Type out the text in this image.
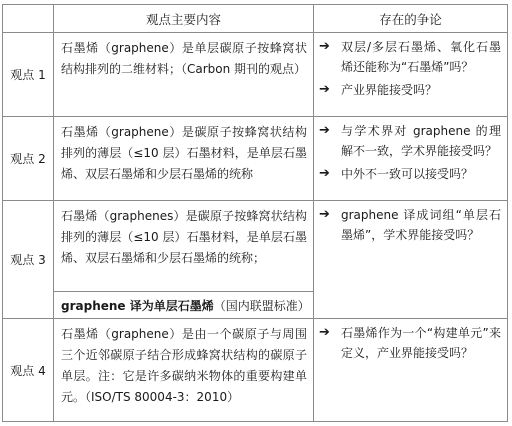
观点主要内容	存在的争论
观点 1
石墨烯（graphene）是单层碳原子按蜂窝状结构排列的二维材料；（Carbon 期刊的观点）
➔ 双层/多层石墨烯、氧化石墨烯还能称为“石墨烯”吗？
➔ 产业界能接受吗？
观点 2
石墨烯（graphene）是碳原子按蜂窝状结构排列的薄层（≤10 层）石墨材料，是单层石墨烯、双层石墨烯和少层石墨烯的统称
➔ 与学术界对 graphene 的理解不一致，学术界能接受吗？
➔ 中外不一致可以接受吗？
观点 3
石墨烯（graphenes）是碳原子按蜂窝状结构排列的薄层（≤10 层）石墨材料，是单层石墨烯、双层石墨烯和少层石墨烯的统称；
graphene 译为单层石墨烯 （国内联盟标准）
➔ graphene 译成词组“单层石墨烯”，学术界能接受吗？
观点 4
石墨烯（graphene）是由一个碳原子与周围三个近邻碳原子结合形成蜂窝状结构的碳原子单层。注：它是许多碳纳米物体的重要构建单元。（ISO/TS 80004-3：2010）
➔ 石墨烯作为一个“构建单元”来定义，产业界能接受吗？
